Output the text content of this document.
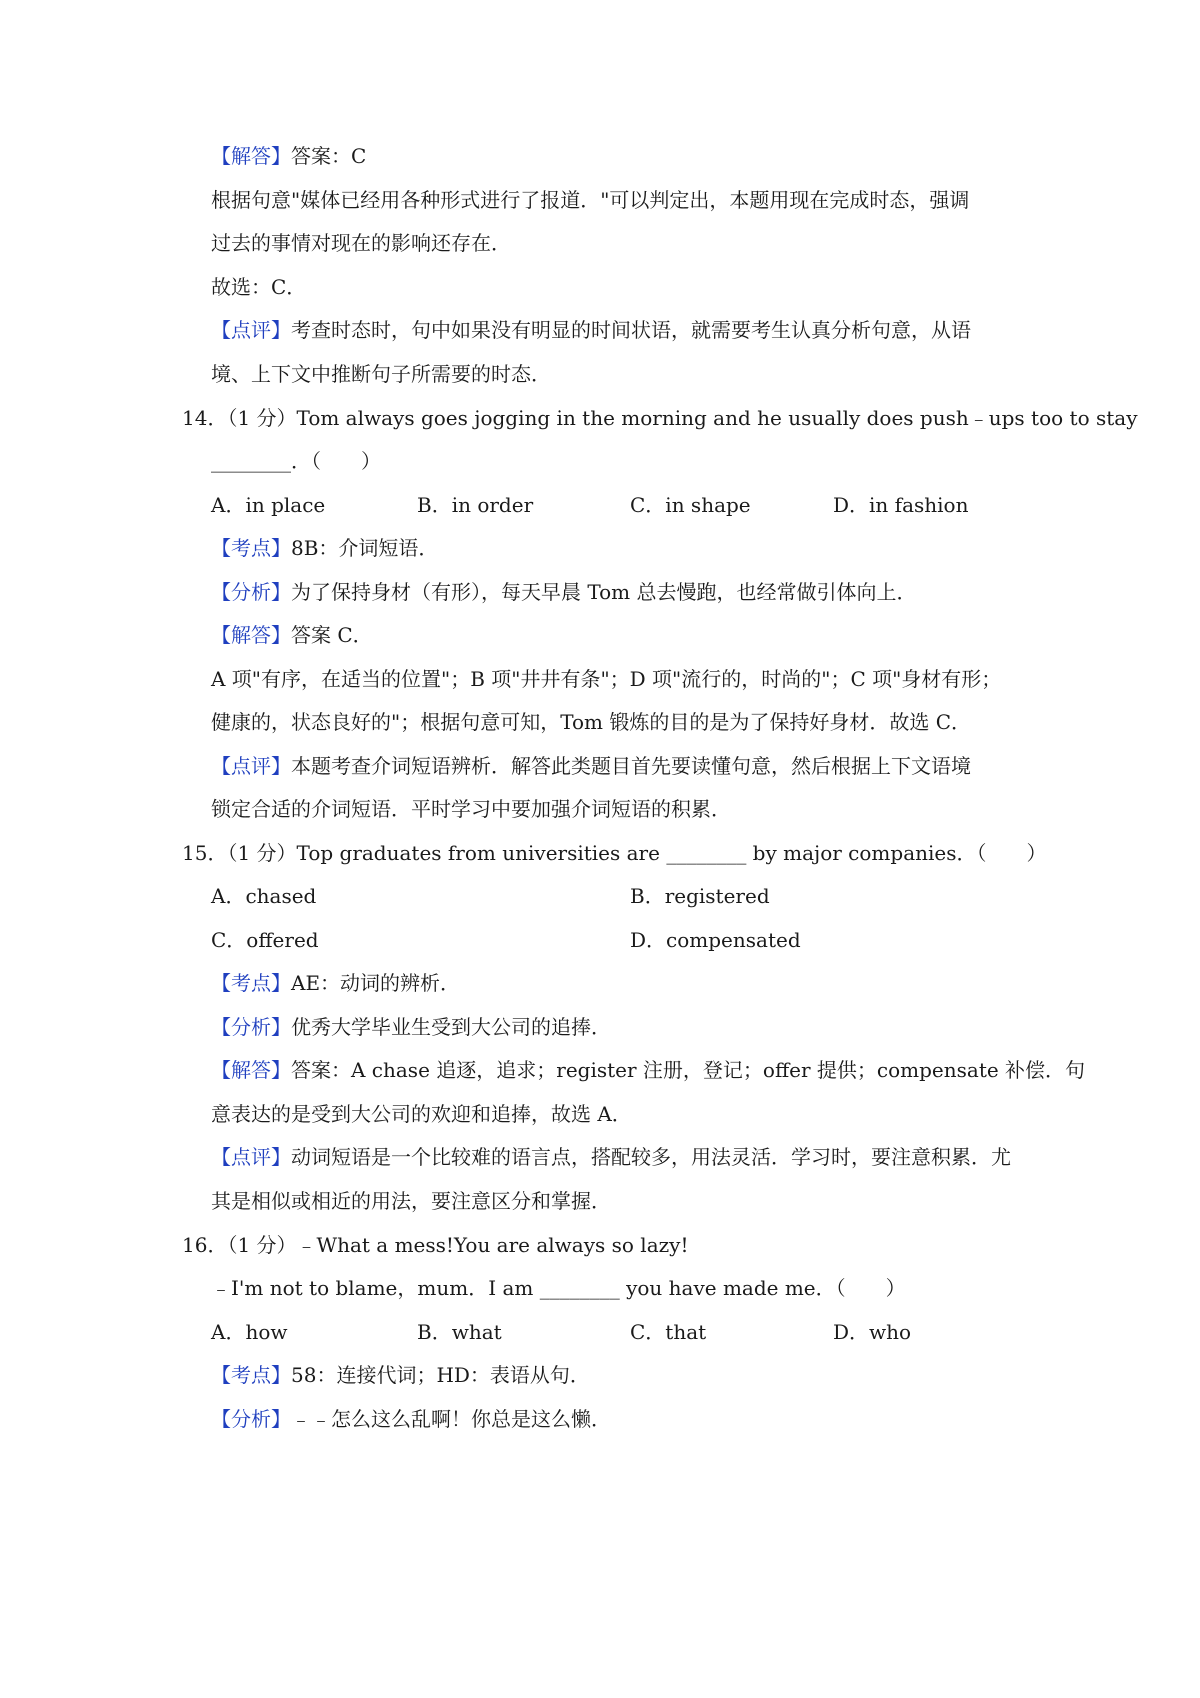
【解答】答案：C
根据句意"媒体已经用各种形式进行了报道．"可以判定出，本题用现在完成时态，强调
过去的事情对现在的影响还存在．
故选：C．
【点评】考查时态时，句中如果没有明显的时间状语，就需要考生认真分析句意，从语
境、上下文中推断句子所需要的时态．
14．（1 分）Tom always goes jogging in the morning and he usually does push﹣ups too to stay
________．（　　）
A．in place	B．in order	C．in shape	D．in fashion
【考点】8B：介词短语．
【分析】为了保持身材（有形），每天早晨 Tom 总去慢跑，也经常做引体向上．
【解答】答案 C．
A 项"有序，在适当的位置"；B 项"井井有条"；D 项"流行的，时尚的"；C 项"身材有形；
健康的，状态良好的"；根据句意可知，Tom 锻炼的目的是为了保持好身材．故选 C．
【点评】本题考查介词短语辨析．解答此类题目首先要读懂句意，然后根据上下文语境
锁定合适的介词短语．平时学习中要加强介词短语的积累．
15．（1 分）Top graduates from universities are ________ by major companies．（　　）
A．chased	B．registered
C．offered	D．compensated
【考点】AE：动词的辨析．
【分析】优秀大学毕业生受到大公司的追捧．
【解答】答案：A chase 追逐，追求；register 注册，登记；offer 提供；compensate 补偿．句
意表达的是受到大公司的欢迎和追捧，故选 A．
【点评】动词短语是一个比较难的语言点，搭配较多，用法灵活．学习时，要注意积累．尤
其是相似或相近的用法，要注意区分和掌握．
16．（1 分）﹣What a mess!You are always so lazy!
﹣I'm not to blame，mum．I am ________ you have made me．（　　）
A．how	B．what	C．that	D．who
【考点】58：连接代词；HD：表语从句．
【分析】﹣﹣怎么这么乱啊！你总是这么懒．
